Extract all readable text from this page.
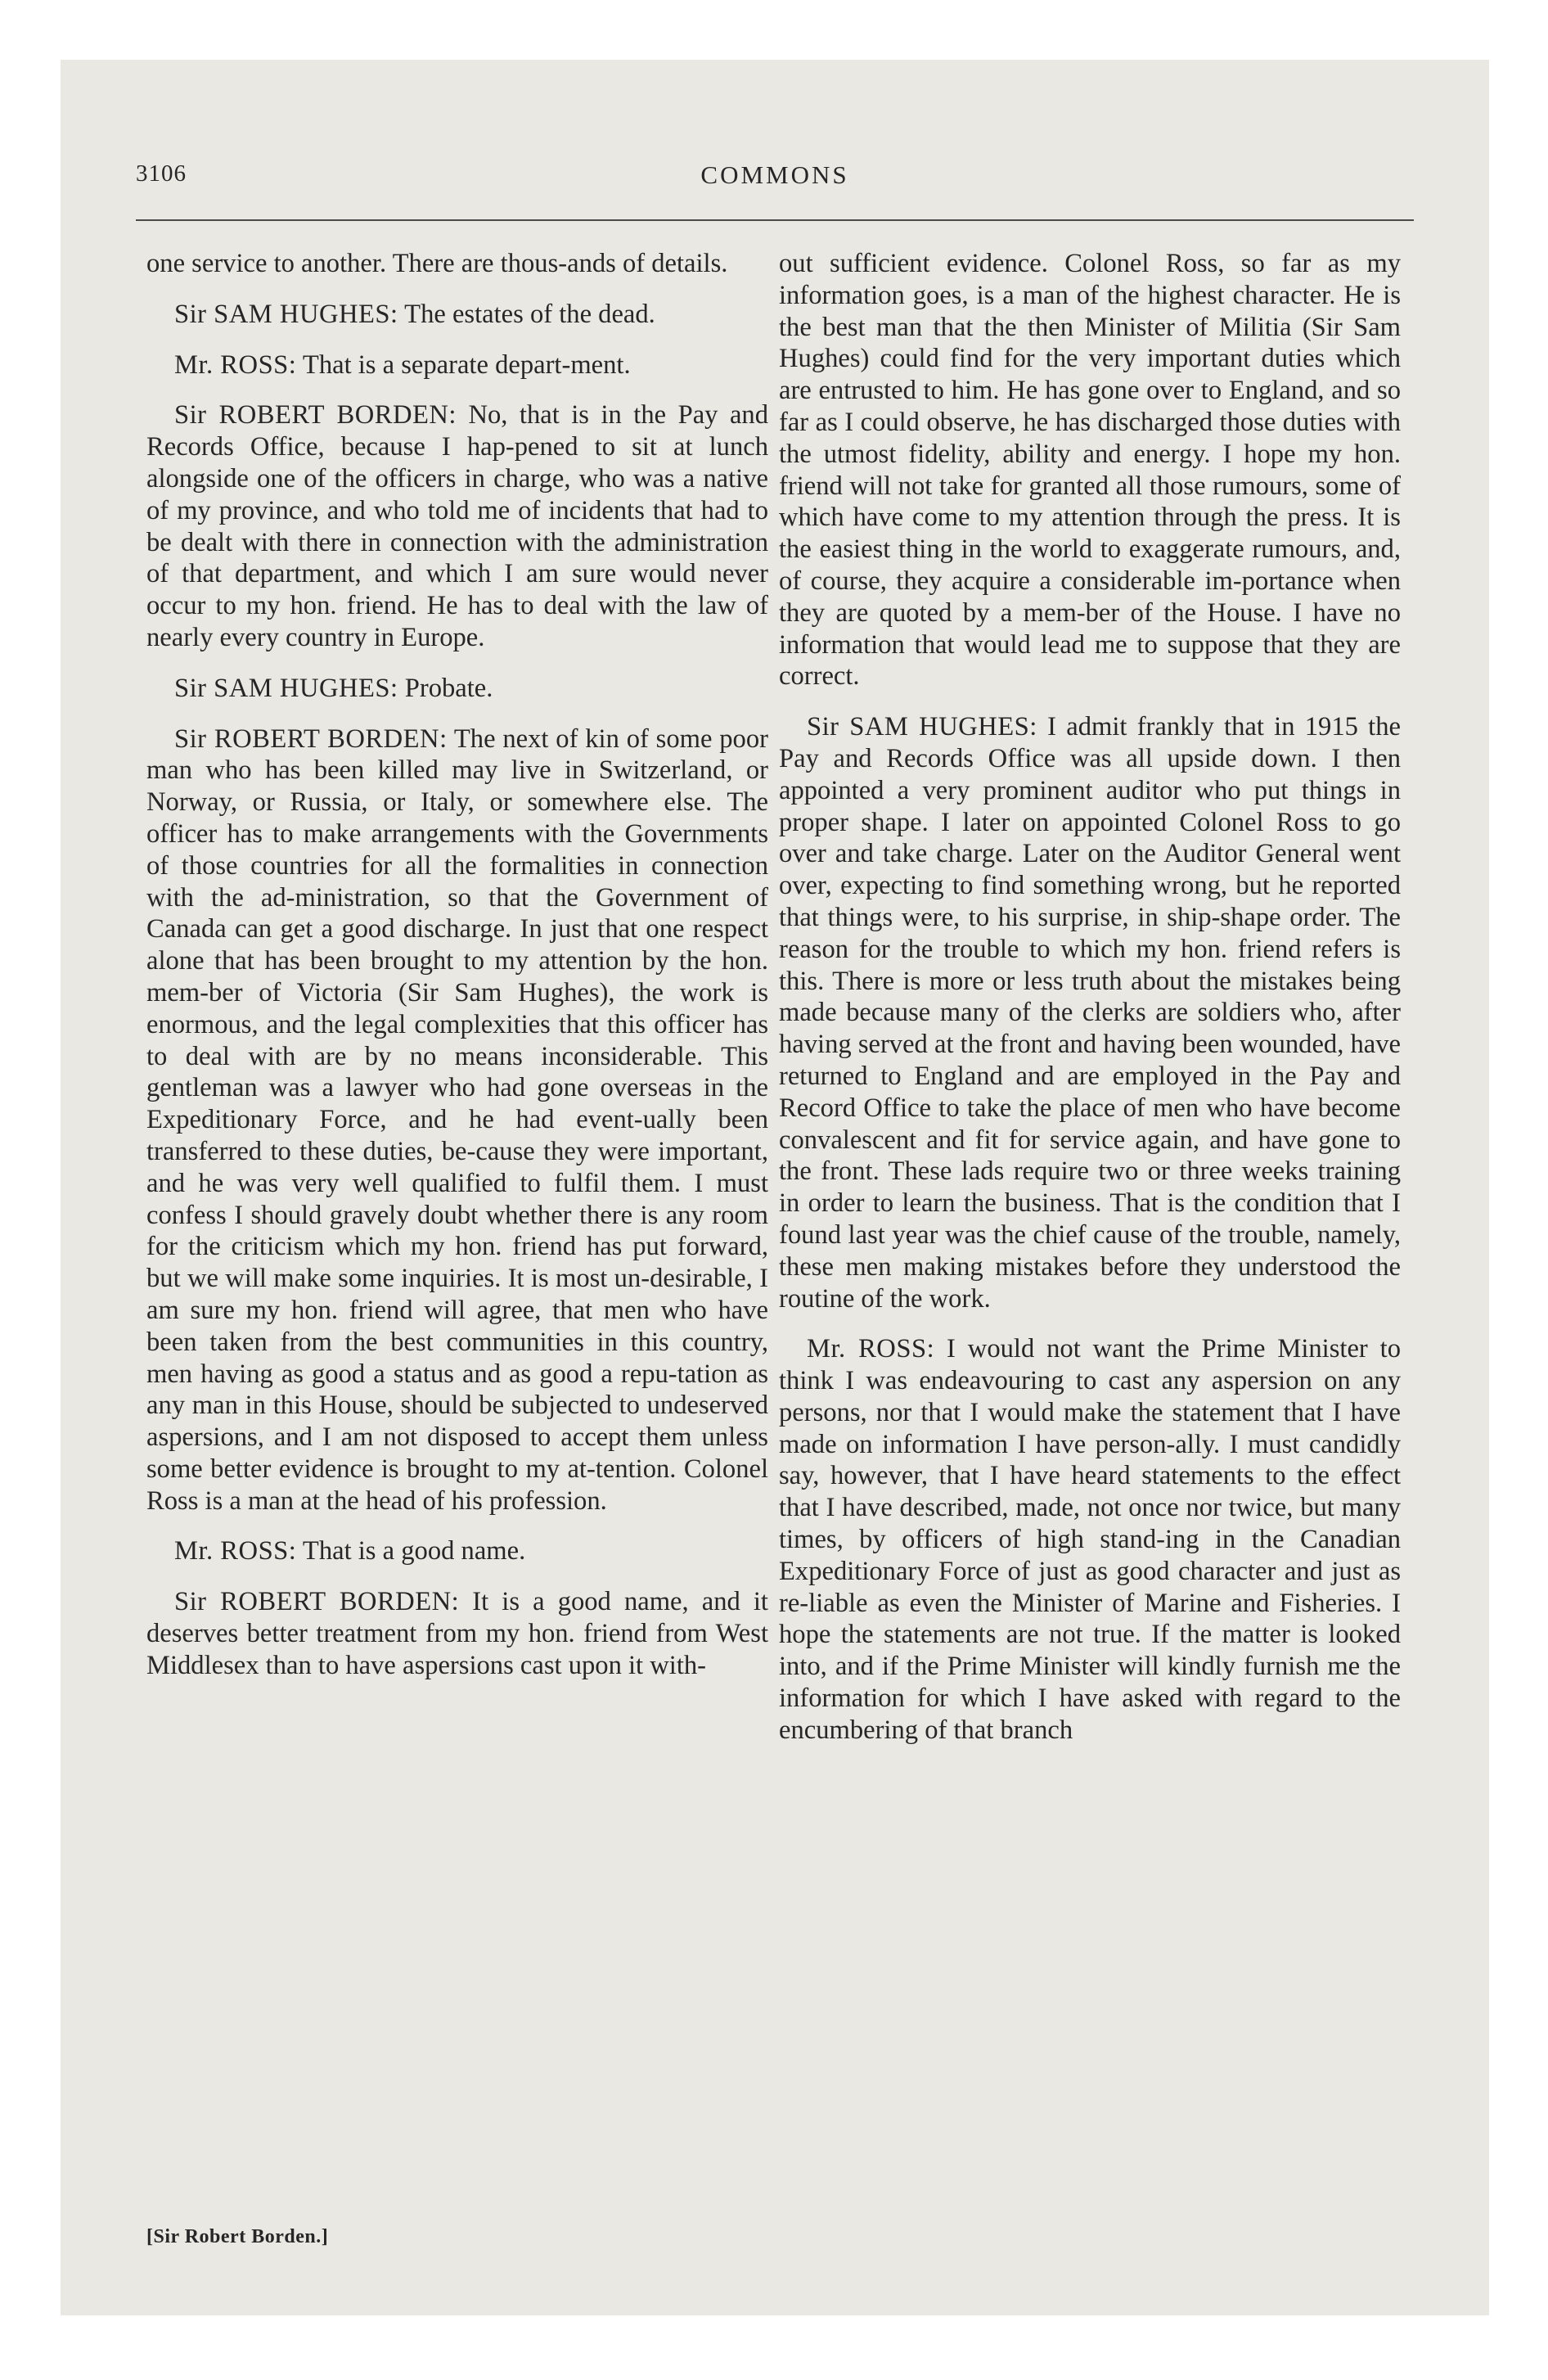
3106	COMMONS

one service to another. There are thous-ands of details.

Sir SAM HUGHES: The estates of the dead.

Mr. ROSS: That is a separate depart-ment.

Sir ROBERT BORDEN: No, that is in the Pay and Records Office, because I hap-pened to sit at lunch alongside one of the officers in charge, who was a native of my province, and who told me of incidents that had to be dealt with there in connection with the administration of that department, and which I am sure would never occur to my hon. friend. He has to deal with the law of nearly every country in Europe.

Sir SAM HUGHES: Probate.

Sir ROBERT BORDEN: The next of kin of some poor man who has been killed may live in Switzerland, or Norway, or Russia, or Italy, or somewhere else. The officer has to make arrangements with the Governments of those countries for all the formalities in connection with the ad-ministration, so that the Government of Canada can get a good discharge. In just that one respect alone that has been brought to my attention by the hon. mem-ber of Victoria (Sir Sam Hughes), the work is enormous, and the legal complexities that this officer has to deal with are by no means inconsiderable. This gentleman was a lawyer who had gone overseas in the Expeditionary Force, and he had event-ually been transferred to these duties, be-cause they were important, and he was very well qualified to fulfil them. I must confess I should gravely doubt whether there is any room for the criticism which my hon. friend has put forward, but we will make some inquiries. It is most un-desirable, I am sure my hon. friend will agree, that men who have been taken from the best communities in this country, men having as good a status and as good a repu-tation as any man in this House, should be subjected to undeserved aspersions, and I am not disposed to accept them unless some better evidence is brought to my at-tention. Colonel Ross is a man at the head of his profession.

Mr. ROSS: That is a good name.

Sir ROBERT BORDEN: It is a good name, and it deserves better treatment from my hon. friend from West Middlesex than to have aspersions cast upon it with-

out sufficient evidence. Colonel Ross, so far as my information goes, is a man of the highest character. He is the best man that the then Minister of Militia (Sir Sam Hughes) could find for the very important duties which are entrusted to him. He has gone over to England, and so far as I could observe, he has discharged those duties with the utmost fidelity, ability and energy. I hope my hon. friend will not take for granted all those rumours, some of which have come to my attention through the press. It is the easiest thing in the world to exaggerate rumours, and, of course, they acquire a considerable im-portance when they are quoted by a mem-ber of the House. I have no information that would lead me to suppose that they are correct.

Sir SAM HUGHES: I admit frankly that in 1915 the Pay and Records Office was all upside down. I then appointed a very prominent auditor who put things in proper shape. I later on appointed Colonel Ross to go over and take charge. Later on the Auditor General went over, expecting to find something wrong, but he reported that things were, to his surprise, in ship-shape order. The reason for the trouble to which my hon. friend refers is this. There is more or less truth about the mistakes being made because many of the clerks are soldiers who, after having served at the front and having been wounded, have returned to England and are employed in the Pay and Record Office to take the place of men who have become convalescent and fit for service again, and have gone to the front. These lads require two or three weeks training in order to learn the business. That is the condition that I found last year was the chief cause of the trouble, namely, these men making mistakes before they understood the routine of the work.

Mr. ROSS: I would not want the Prime Minister to think I was endeavouring to cast any aspersion on any persons, nor that I would make the statement that I have made on information I have person-ally. I must candidly say, however, that I have heard statements to the effect that I have described, made, not once nor twice, but many times, by officers of high stand-ing in the Canadian Expeditionary Force of just as good character and just as re-liable as even the Minister of Marine and Fisheries. I hope the statements are not true. If the matter is looked into, and if the Prime Minister will kindly furnish me the information for which I have asked with regard to the encumbering of that branch

[Sir Robert Borden.]
